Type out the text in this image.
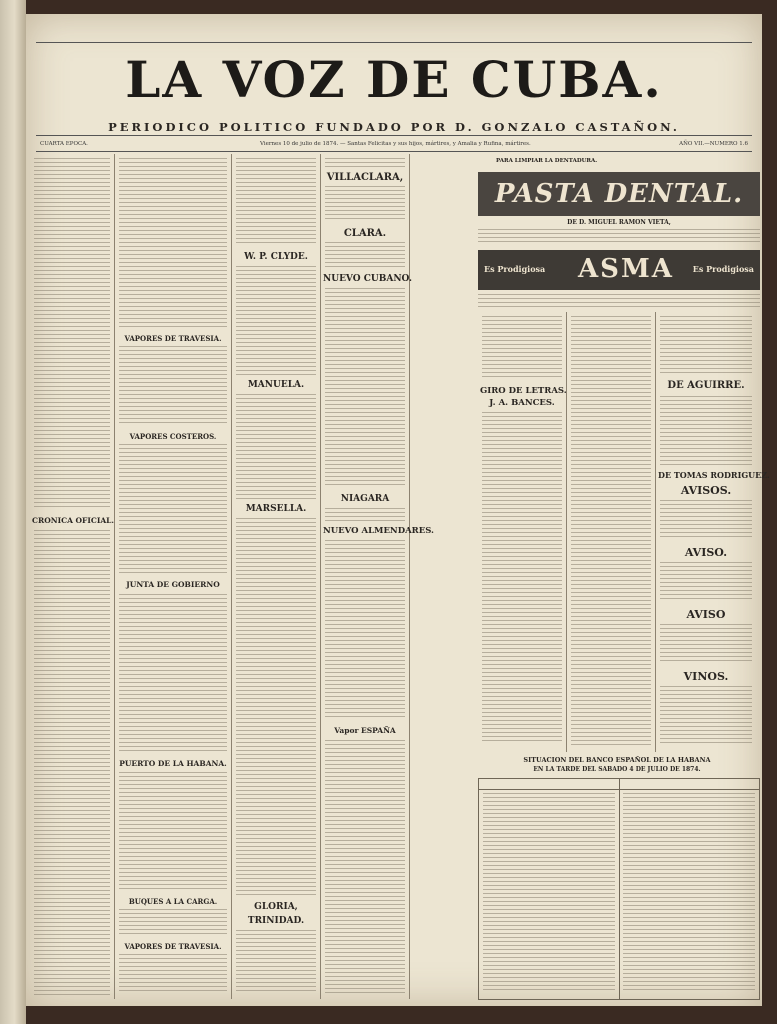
LA VOZ DE CUBA.
PERIODICO POLITICO FUNDADO POR D. GONZALO CASTAÑON.
CUARTA EPOCA.	Viernes 10 de julio de 1874. — Santas Felicitas y sus hijos, mártires, y Amalia y Rufina, mártires.	AÑO VII.—NUMERO 1.6
CRONICA OFICIAL.
VAPORES DE TRAVESIA.
VAPORES COSTEROS.
JUNTA DE GOBIERNO
PUERTO DE LA HABANA.
BUQUES A LA CARGA.
VAPORES DE TRAVESIA.
W. P. CLYDE.
MANUELA.
MARSELLA.
GLORIA,
TRINIDAD.
VILLACLARA,
CLARA.
NUEVO CUBANO.
NIAGARA
NUEVO ALMENDARES.
Vapor ESPAÑA
PARA LIMPIAR LA DENTADURA.
PASTA DENTAL.
DE D. MIGUEL RAMON VIETA,
Es Prodigiosa ASMA Es Prodigiosa
GIRO DE LETRAS.
J. A. BANCES.
DE AGUIRRE.
DE TOMAS RODRIGUEZ.
AVISOS.
AVISO.
AVISO
VINOS.
SITUACION DEL BANCO ESPAÑOL DE LA HABANA
EN LA TARDE DEL SABADO 4 DE JULIO DE 1874.
